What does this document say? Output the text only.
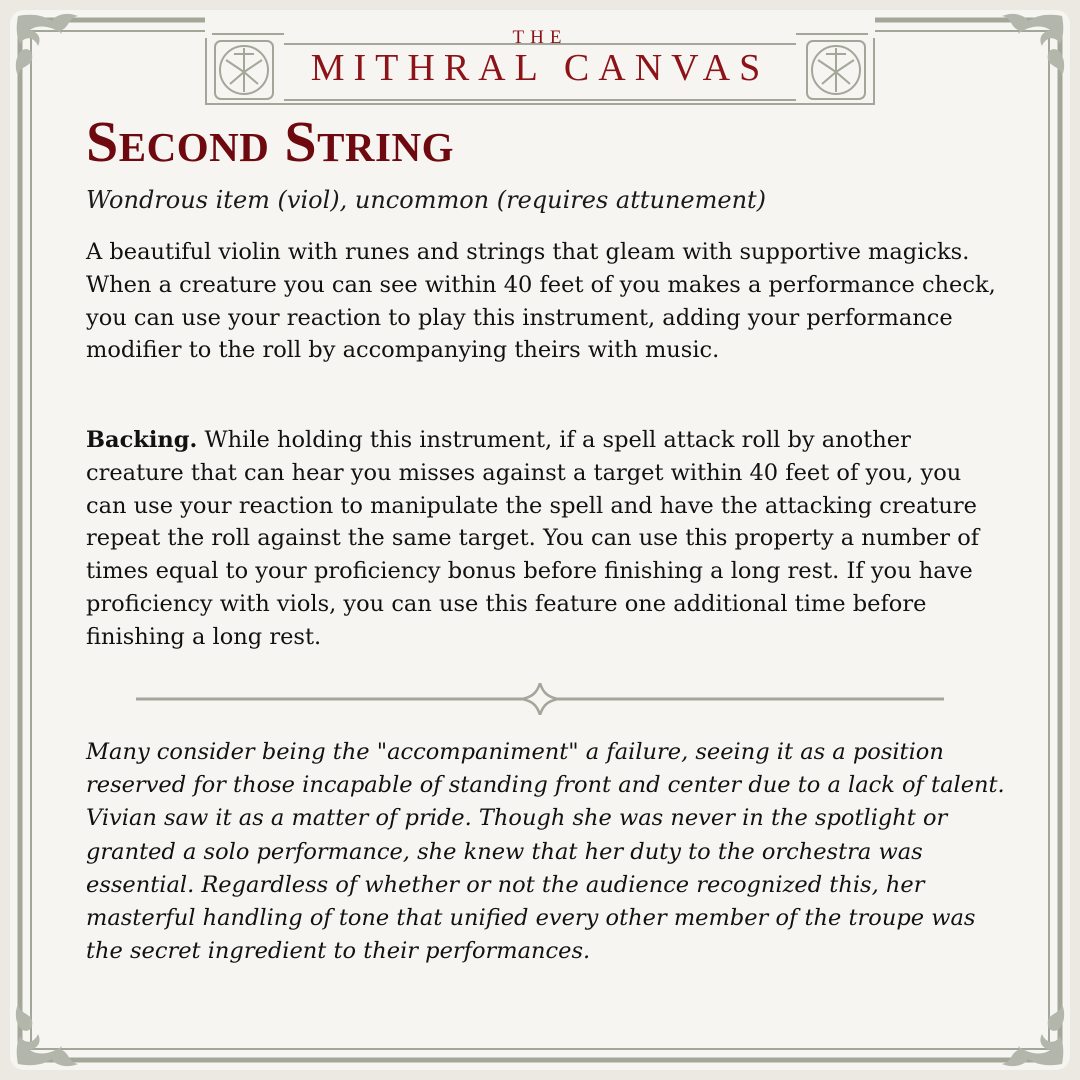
THE
MITHRAL CANVAS
Second String

Wondrous item (viol), uncommon (requires attunement)

A beautiful violin with runes and strings that gleam with supportive magicks. When a creature you can see within 40 feet of you makes a performance check, you can use your reaction to play this instrument, adding your performance modifier to the roll by accompanying theirs with music.

Backing. While holding this instrument, if a spell attack roll by another creature that can hear you misses against a target within 40 feet of you, you can use your reaction to manipulate the spell and have the attacking creature repeat the roll against the same target. You can use this property a number of times equal to your proficiency bonus before finishing a long rest. If you have proficiency with viols, you can use this feature one additional time before finishing a long rest.

Many consider being the "accompaniment" a failure, seeing it as a position reserved for those incapable of standing front and center due to a lack of talent. Vivian saw it as a matter of pride. Though she was never in the spotlight or granted a solo performance, she knew that her duty to the orchestra was essential. Regardless of whether or not the audience recognized this, her masterful handling of tone that unified every other member of the troupe was the secret ingredient to their performances.
